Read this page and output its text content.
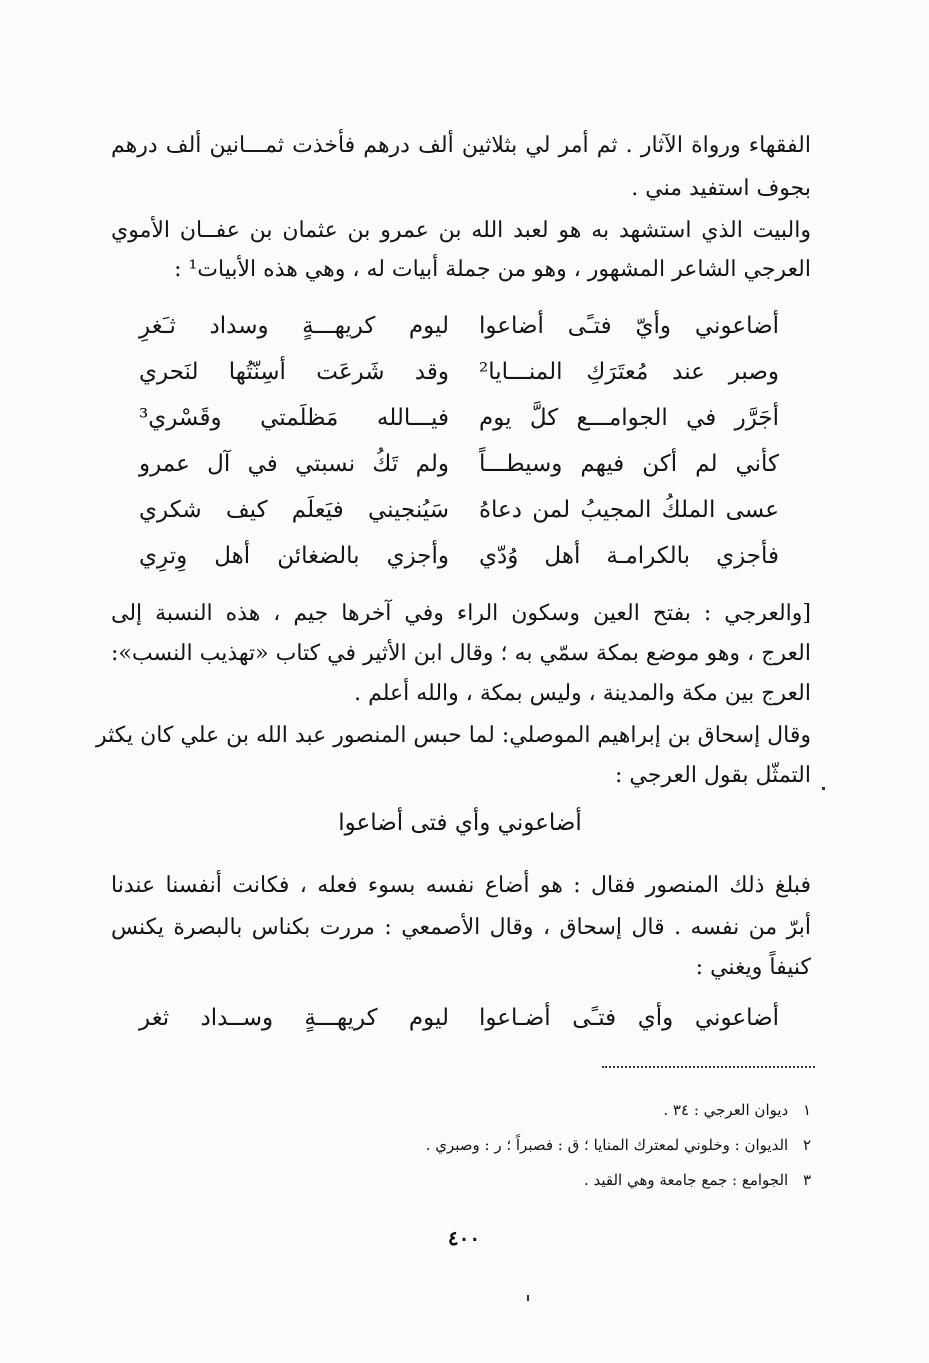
الفقهاء ورواة الآثار . ثم أمر لي بثلاثين ألف درهم فأخذت ثمـــانين ألف درهم
بجوف استفيد مني .
والبيت الذي استشهد به هو لعبد الله بن عمرو بن عثمان بن عفــان الأموي
العرجي الشاعر المشهور ، وهو من جملة أبيات له ، وهي هذه الأبيات¹ :
أضاعوني وأيّ فتـًى أضاعوا
ليوم كريهـــةٍ وسداد ثـَغرِ
وصبر عند مُعتَرَكِ المنـــايا²
وقد شَرعَت أسِنّتُها لنَحري
أجَرَّر في الجوامـــع كلَّ يوم
فيـــالله مَظلَمتي وقَسْري³
كأني لم أكن فيهم وسيطـــاً
ولم تَكُ نسبتي في آل عمرو
عسى الملكُ المجيبُ لمن دعاهُ
سَيُنجيني فيَعلَم كيف شكري
فأجزي بالكرامـة أهل وُدّي
وأجزي بالضغائن أهل وِترِي
[والعرجي : بفتح العين وسكون الراء وفي آخرها جيم ، هذه النسبة إلى
العرج ، وهو موضع بمكة سمّي به ؛ وقال ابن الأثير في كتاب «تهذيب النسب»:
العرج بين مكة والمدينة ، وليس بمكة ، والله أعلم .
وقال إسحاق بن إبراهيم الموصلي: لما حبس المنصور عبد الله بن علي كان يكثر
التمثّل بقول العرجي :
أضاعوني وأي فتى أضاعوا
فبلغ ذلك المنصور فقال : هو أضاع نفسه بسوء فعله ، فكانت أنفسنا عندنا
أبرّ من نفسه . قال إسحاق ، وقال الأصمعي : مررت بكناس بالبصرة يكنس
كنيفاً ويغني :
أضاعوني وأي فتـًى أضـاعوا
ليوم كريهـــةٍ وســداد ثغر
١ ديوان العرجي : ٣٤ .
٢ الديوان : وخلوني لمعترك المنايا ؛ ق : فصبراً ؛ ر : وصبري .
٣ الجوامع : جمع جامعة وهي القيد .
٤٠٠
